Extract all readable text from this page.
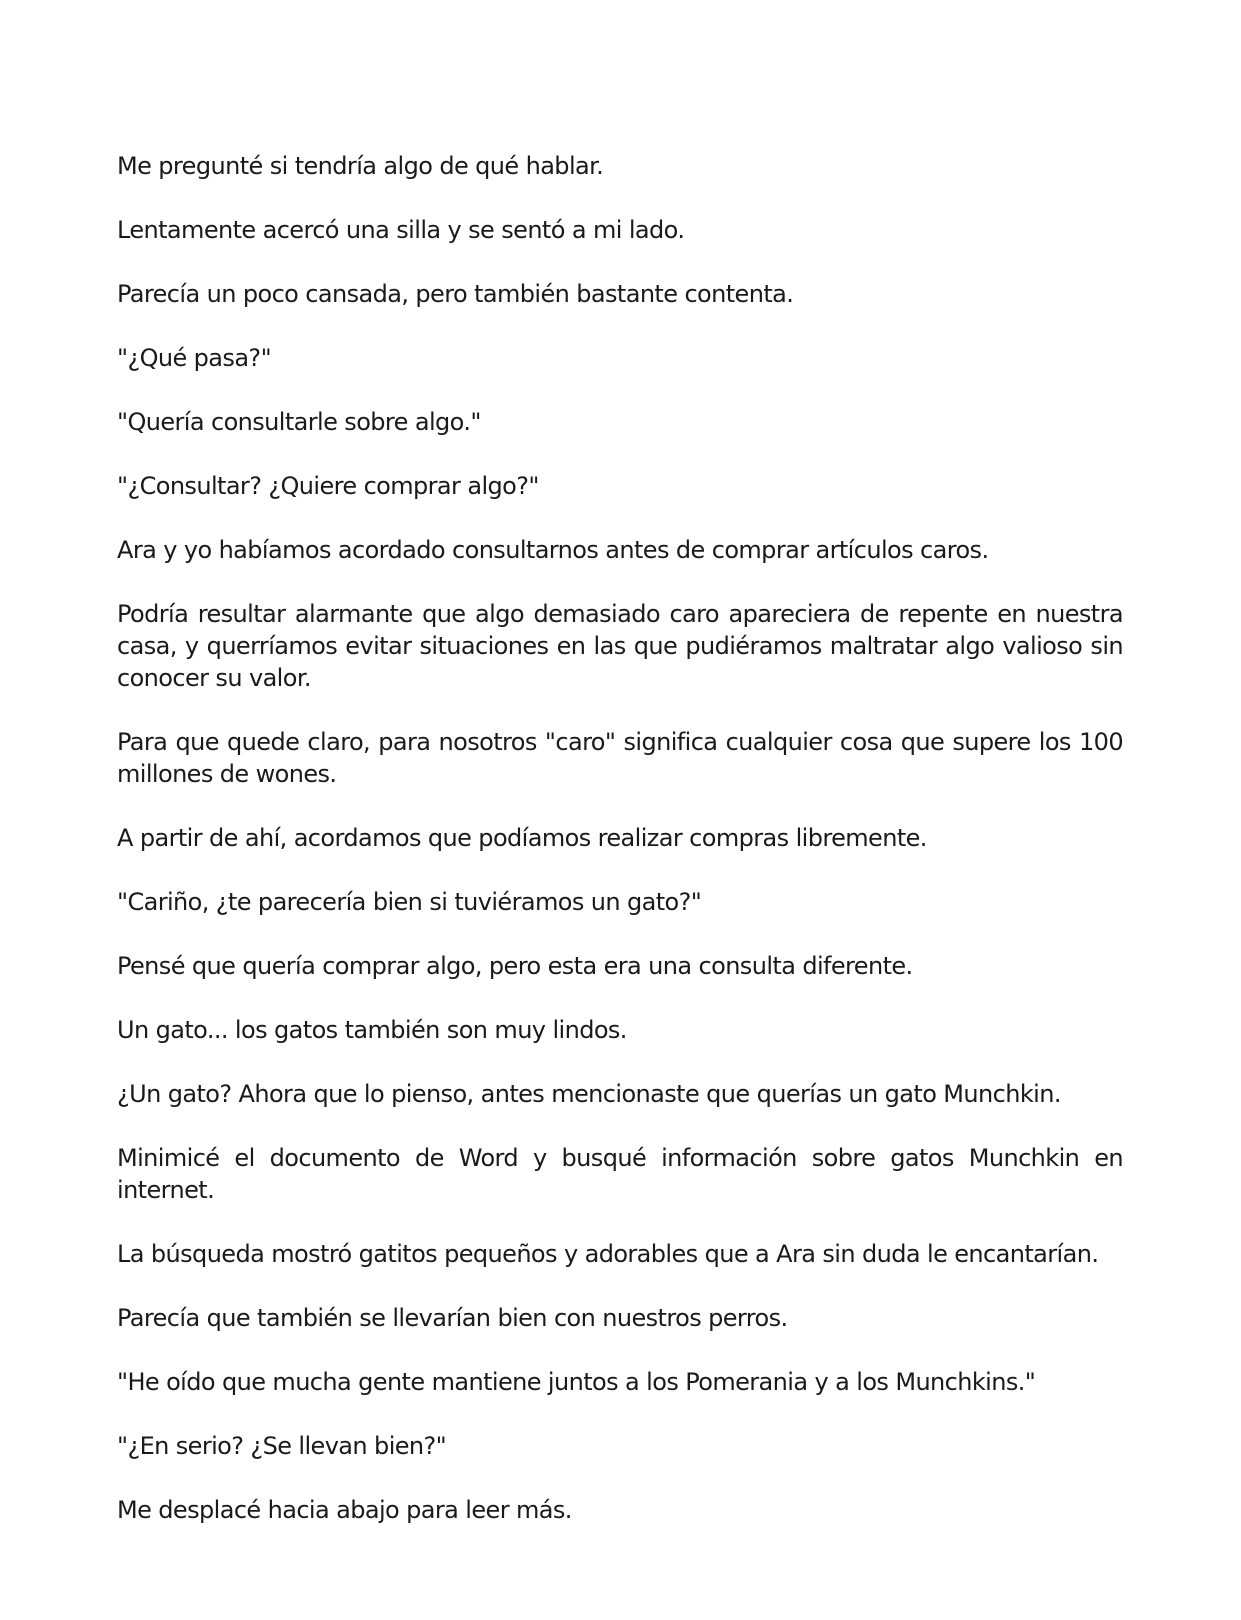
Me pregunté si tendría algo de qué hablar.

Lentamente acercó una silla y se sentó a mi lado.

Parecía un poco cansada, pero también bastante contenta.

"¿Qué pasa?"

"Quería consultarle sobre algo."

"¿Consultar? ¿Quiere comprar algo?"

Ara y yo habíamos acordado consultarnos antes de comprar artículos caros.

Podría resultar alarmante que algo demasiado caro apareciera de repente en nuestra casa, y querríamos evitar situaciones en las que pudiéramos maltratar algo valioso sin conocer su valor.

Para que quede claro, para nosotros "caro" significa cualquier cosa que supere los 100 millones de wones.

A partir de ahí, acordamos que podíamos realizar compras libremente.

"Cariño, ¿te parecería bien si tuviéramos un gato?"

Pensé que quería comprar algo, pero esta era una consulta diferente.

Un gato... los gatos también son muy lindos.

¿Un gato? Ahora que lo pienso, antes mencionaste que querías un gato Munchkin.

Minimicé el documento de Word y busqué información sobre gatos Munchkin en internet.

La búsqueda mostró gatitos pequeños y adorables que a Ara sin duda le encantarían.

Parecía que también se llevarían bien con nuestros perros.

"He oído que mucha gente mantiene juntos a los Pomerania y a los Munchkins."

"¿En serio? ¿Se llevan bien?"

Me desplacé hacia abajo para leer más.
